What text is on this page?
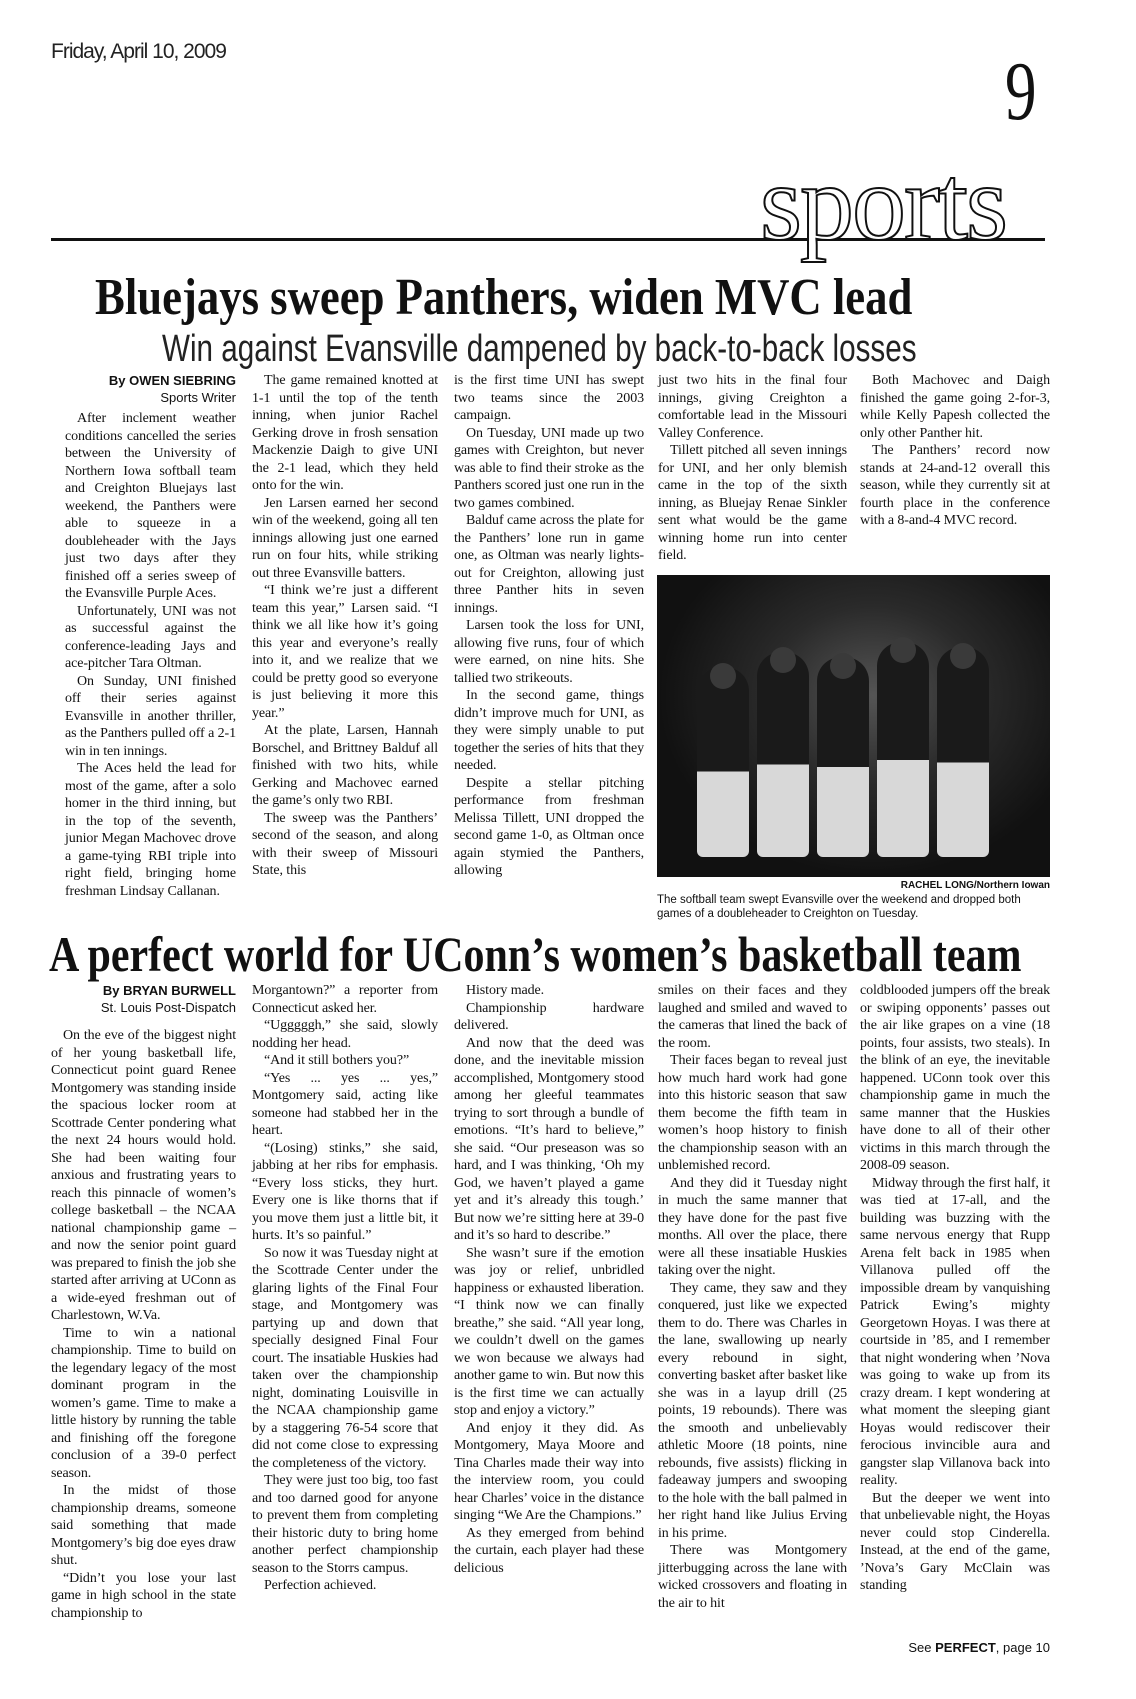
Friday, April 10, 2009	9
sports
Bluejays sweep Panthers, widen MVC lead
Win against Evansville dampened by back-to-back losses
By OWEN SIEBRING
Sports Writer

After inclement weather conditions cancelled the series between the University of Northern Iowa softball team and Creighton Bluejays last weekend, the Panthers were able to squeeze in a doubleheader with the Jays just two days after they finished off a series sweep of the Evansville Purple Aces.

Unfortunately, UNI was not as successful against the conference-leading Jays and ace-pitcher Tara Oltman.

On Sunday, UNI finished off their series against Evansville in another thriller, as the Panthers pulled off a 2-1 win in ten innings.

The Aces held the lead for most of the game, after a solo homer in the third inning, but in the top of the seventh, junior Megan Machovec drove a game-tying RBI triple into right field, bringing home freshman Lindsay Callanan.

The game remained knotted at 1-1 until the top of the tenth inning, when junior Rachel Gerking drove in frosh sensation Mackenzie Daigh to give UNI the 2-1 lead, which they held onto for the win.

Jen Larsen earned her second win of the weekend, going all ten innings allowing just one earned run on four hits, while striking out three Evansville batters.

“I think we’re just a different team this year,” Larsen said. “I think we all like how it’s going this year and everyone’s really into it, and we realize that we could be pretty good so everyone is just believing it more this year.”

At the plate, Larsen, Hannah Borschel, and Brittney Balduf all finished with two hits, while Gerking and Machovec earned the game’s only two RBI.

The sweep was the Panthers’ second of the season, and along with their sweep of Missouri State, this

is the first time UNI has swept two teams since the 2003 campaign.

On Tuesday, UNI made up two games with Creighton, but never was able to find their stroke as the Panthers scored just one run in the two games combined.

Balduf came across the plate for the Panthers’ lone run in game one, as Oltman was nearly lights-out for Creighton, allowing just three Panther hits in seven innings.

Larsen took the loss for UNI, allowing five runs, four of which were earned, on nine hits. She tallied two strikeouts.

In the second game, things didn’t improve much for UNI, as they were simply unable to put together the series of hits that they needed.

Despite a stellar pitching performance from freshman Melissa Tillett, UNI dropped the second game 1-0, as Oltman once again stymied the Panthers, allowing

just two hits in the final four innings, giving Creighton a comfortable lead in the Missouri Valley Conference.

Tillett pitched all seven innings for UNI, and her only blemish came in the top of the sixth inning, as Bluejay Renae Sinkler sent what would be the game winning home run into center field.

Both Machovec and Daigh finished the game going 2-for-3, while Kelly Papesh collected the only other Panther hit.

The Panthers’ record now stands at 24-and-12 overall this season, while they currently sit at fourth place in the conference with a 8-and-4 MVC record.

RACHEL LONG/Northern Iowan
The softball team swept Evansville over the weekend and dropped both games of a doubleheader to Creighton on Tuesday.
A perfect world for UConn’s women’s basketball team
By BRYAN BURWELL
St. Louis Post-Dispatch

On the eve of the biggest night of her young basketball life, Connecticut point guard Renee Montgomery was standing inside the spacious locker room at Scottrade Center pondering what the next 24 hours would hold. She had been waiting four anxious and frustrating years to reach this pinnacle of women’s college basketball – the NCAA national championship game – and now the senior point guard was prepared to finish the job she started after arriving at UConn as a wide-eyed freshman out of Charlestown, W.Va.

Time to win a national championship. Time to build on the legendary legacy of the most dominant program in the women’s game. Time to make a little history by running the table and finishing off the foregone conclusion of a 39-0 perfect season.

In the midst of those championship dreams, someone said something that made Montgomery’s big doe eyes draw shut.

“Didn’t you lose your last game in high school in the state championship to

Morgantown?” a reporter from Connecticut asked her.

“Ugggggh,” she said, slowly nodding her head.

“And it still bothers you?”

“Yes ... yes ... yes,” Montgomery said, acting like someone had stabbed her in the heart.

“(Losing) stinks,” she said, jabbing at her ribs for emphasis. “Every loss sticks, they hurt. Every one is like thorns that if you move them just a little bit, it hurts. It’s so painful.”

So now it was Tuesday night at the Scottrade Center under the glaring lights of the Final Four stage, and Montgomery was partying up and down that specially designed Final Four court. The insatiable Huskies had taken over the championship night, dominating Louisville in the NCAA championship game by a staggering 76-54 score that did not come close to expressing the completeness of the victory.

They were just too big, too fast and too darned good for anyone to prevent them from completing their historic duty to bring home another perfect championship season to the Storrs campus.

Perfection achieved.

History made.

Championship hardware delivered.

And now that the deed was done, and the inevitable mission accomplished, Montgomery stood among her gleeful teammates trying to sort through a bundle of emotions. “It’s hard to believe,” she said. “Our preseason was so hard, and I was thinking, ‘Oh my God, we haven’t played a game yet and it’s already this tough.’ But now we’re sitting here at 39-0 and it’s so hard to describe.”

She wasn’t sure if the emotion was joy or relief, unbridled happiness or exhausted liberation. “I think now we can finally breathe,” she said. “All year long, we couldn’t dwell on the games we won because we always had another game to win. But now this is the first time we can actually stop and enjoy a victory.”

And enjoy it they did. As Montgomery, Maya Moore and Tina Charles made their way into the interview room, you could hear Charles’ voice in the distance singing “We Are the Champions.”

As they emerged from behind the curtain, each player had these delicious

smiles on their faces and they laughed and smiled and waved to the cameras that lined the back of the room.

Their faces began to reveal just how much hard work had gone into this historic season that saw them become the fifth team in women’s hoop history to finish the championship season with an unblemished record.

And they did it Tuesday night in much the same manner that they have done for the past five months. All over the place, there were all these insatiable Huskies taking over the night.

They came, they saw and they conquered, just like we expected them to do. There was Charles in the lane, swallowing up nearly every rebound in sight, converting basket after basket like she was in a layup drill (25 points, 19 rebounds). There was the smooth and unbelievably athletic Moore (18 points, nine rebounds, five assists) flicking in fadeaway jumpers and swooping to the hole with the ball palmed in her right hand like Julius Erving in his prime.

There was Montgomery jitterbugging across the lane with wicked crossovers and floating in the air to hit

coldblooded jumpers off the break or swiping opponents’ passes out the air like grapes on a vine (18 points, four assists, two steals). In the blink of an eye, the inevitable happened. UConn took over this championship game in much the same manner that the Huskies have done to all of their other victims in this march through the 2008-09 season.

Midway through the first half, it was tied at 17-all, and the building was buzzing with the same nervous energy that Rupp Arena felt back in 1985 when Villanova pulled off the impossible dream by vanquishing Patrick Ewing’s mighty Georgetown Hoyas. I was there at courtside in ’85, and I remember that night wondering when ’Nova was going to wake up from its crazy dream. I kept wondering at what moment the sleeping giant Hoyas would rediscover their ferocious invincible aura and gangster slap Villanova back into reality.

But the deeper we went into that unbelievable night, the Hoyas never could stop Cinderella. Instead, at the end of the game, ’Nova’s Gary McClain was standing

See PERFECT, page 10
